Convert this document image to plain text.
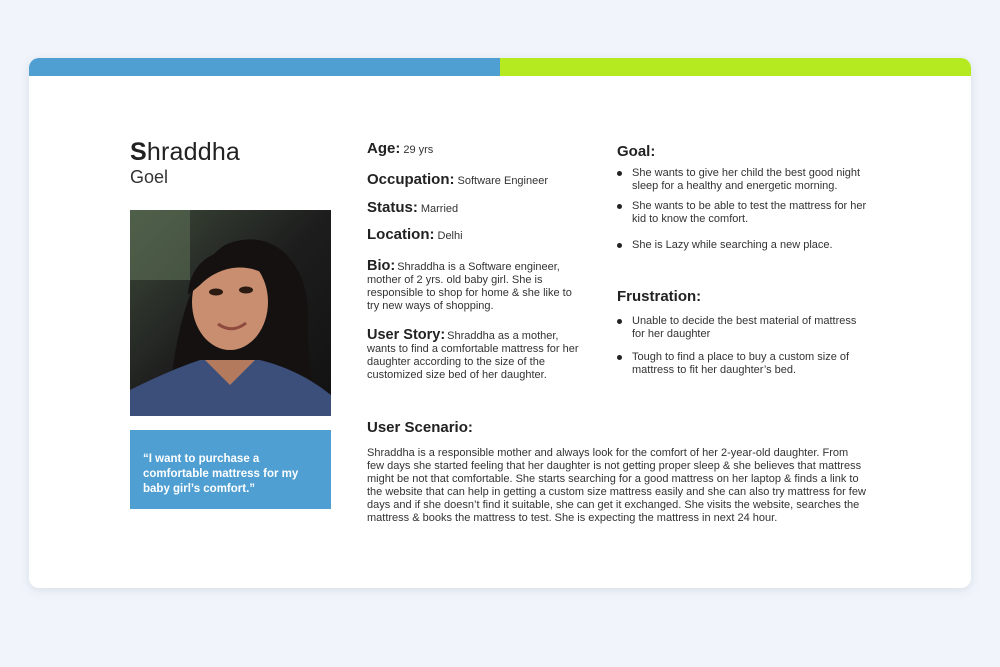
Shraddha
Goel
“I want to purchase a comfortable mattress for my baby girl’s comfort.”
Age: 29 yrs
Occupation: Software Engineer
Status: Married
Location: Delhi
Bio: Shraddha is a Software engineer, mother of 2 yrs. old baby girl. She is responsible to shop for home & she like to try new ways of shopping.
User Story: Shraddha as a mother, wants to find a comfortable mattress for her daughter according to the size of the customized size bed of her daughter.
Goal:
She wants to give her child the best good night sleep for a healthy and energetic morning.
She wants to be able to test the mattress for her kid to know the comfort.
She is Lazy while searching a new place.
Frustration:
Unable to decide the best material of mattress for her daughter
Tough to find a place to buy a custom size of mattress to fit her daughter’s bed.
User Scenario:
Shraddha is a responsible mother and always look for the comfort of her 2-year-old daughter. From few days she started feeling that her daughter is not getting proper sleep & she believes that mattress might be not that comfortable. She starts searching for a good mattress on her laptop & finds a link to the website that can help in getting a custom size mattress easily and she can also try mattress for few days and if she doesn’t find it suitable, she can get it exchanged. She visits the website, searches the mattress & books the mattress to test. She is expecting the mattress in next 24 hour.
